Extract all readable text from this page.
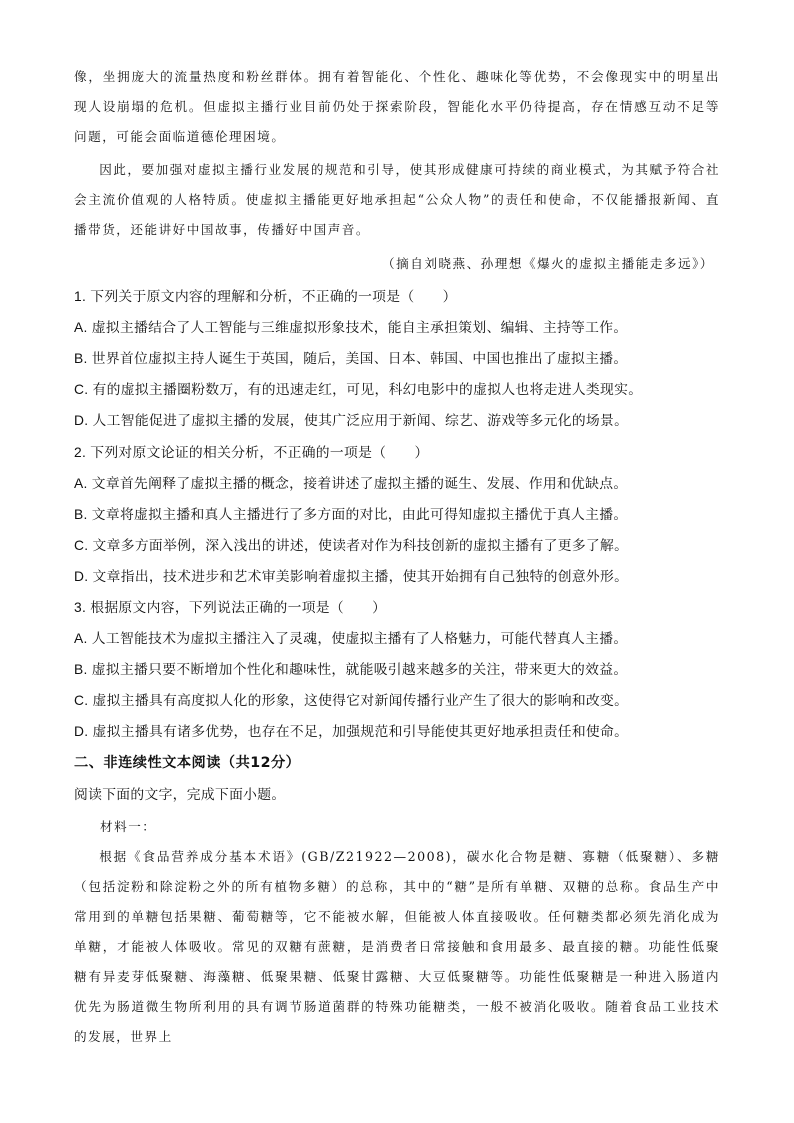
像，坐拥庞大的流量热度和粉丝群体。拥有着智能化、个性化、趣味化等优势，不会像现实中的明星出现人设崩塌的危机。但虚拟主播行业目前仍处于探索阶段，智能化水平仍待提高，存在情感互动不足等问题，可能会面临道德伦理困境。

因此，要加强对虚拟主播行业发展的规范和引导，使其形成健康可持续的商业模式，为其赋予符合社会主流价值观的人格特质。使虚拟主播能更好地承担起“公众人物”的责任和使命，不仅能播报新闻、直播带货，还能讲好中国故事，传播好中国声音。

（摘自刘晓燕、孙理想《爆火的虚拟主播能走多远》）
1. 下列关于原文内容的理解和分析，不正确的一项是（　　）
A. 虚拟主播结合了人工智能与三维虚拟形象技术，能自主承担策划、编辑、主持等工作。
B. 世界首位虚拟主持人诞生于英国，随后，美国、日本、韩国、中国也推出了虚拟主播。
C. 有的虚拟主播圈粉数万，有的迅速走红，可见，科幻电影中的虚拟人也将走进人类现实。
D. 人工智能促进了虚拟主播的发展，使其广泛应用于新闻、综艺、游戏等多元化的场景。
2. 下列对原文论证的相关分析，不正确的一项是（　　）
A. 文章首先阐释了虚拟主播的概念，接着讲述了虚拟主播的诞生、发展、作用和优缺点。
B. 文章将虚拟主播和真人主播进行了多方面的对比，由此可得知虚拟主播优于真人主播。
C. 文章多方面举例，深入浅出的讲述，使读者对作为科技创新的虚拟主播有了更多了解。
D. 文章指出，技术进步和艺术审美影响着虚拟主播，使其开始拥有自己独特的创意外形。
3. 根据原文内容，下列说法正确的一项是（　　）
A. 人工智能技术为虚拟主播注入了灵魂，使虚拟主播有了人格魅力，可能代替真人主播。
B. 虚拟主播只要不断增加个性化和趣味性，就能吸引越来越多的关注，带来更大的效益。
C. 虚拟主播具有高度拟人化的形象，这使得它对新闻传播行业产生了很大的影响和改变。
D. 虚拟主播具有诸多优势，也存在不足，加强规范和引导能使其更好地承担责任和使命。
二、非连续性文本阅读（共12分）
阅读下面的文字，完成下面小题。
材料一：

根据《食品营养成分基本术语》(GB/Z21922—2008)，碳水化合物是糖、寡糖（低聚糖）、多糖（包括淀粉和除淀粉之外的所有植物多糖）的总称，其中的“糖”是所有单糖、双糖的总称。食品生产中常用到的单糖包括果糖、葡萄糖等，它不能被水解，但能被人体直接吸收。任何糖类都必须先消化成为单糖，才能被人体吸收。常见的双糖有蔗糖，是消费者日常接触和食用最多、最直接的糖。功能性低聚糖有异麦芽低聚糖、海藻糖、低聚果糖、低聚甘露糖、大豆低聚糖等。功能性低聚糖是一种进入肠道内优先为肠道微生物所利用的具有调节肠道菌群的特殊功能糖类，一般不被消化吸收。随着食品工业技术的发展，世界上
